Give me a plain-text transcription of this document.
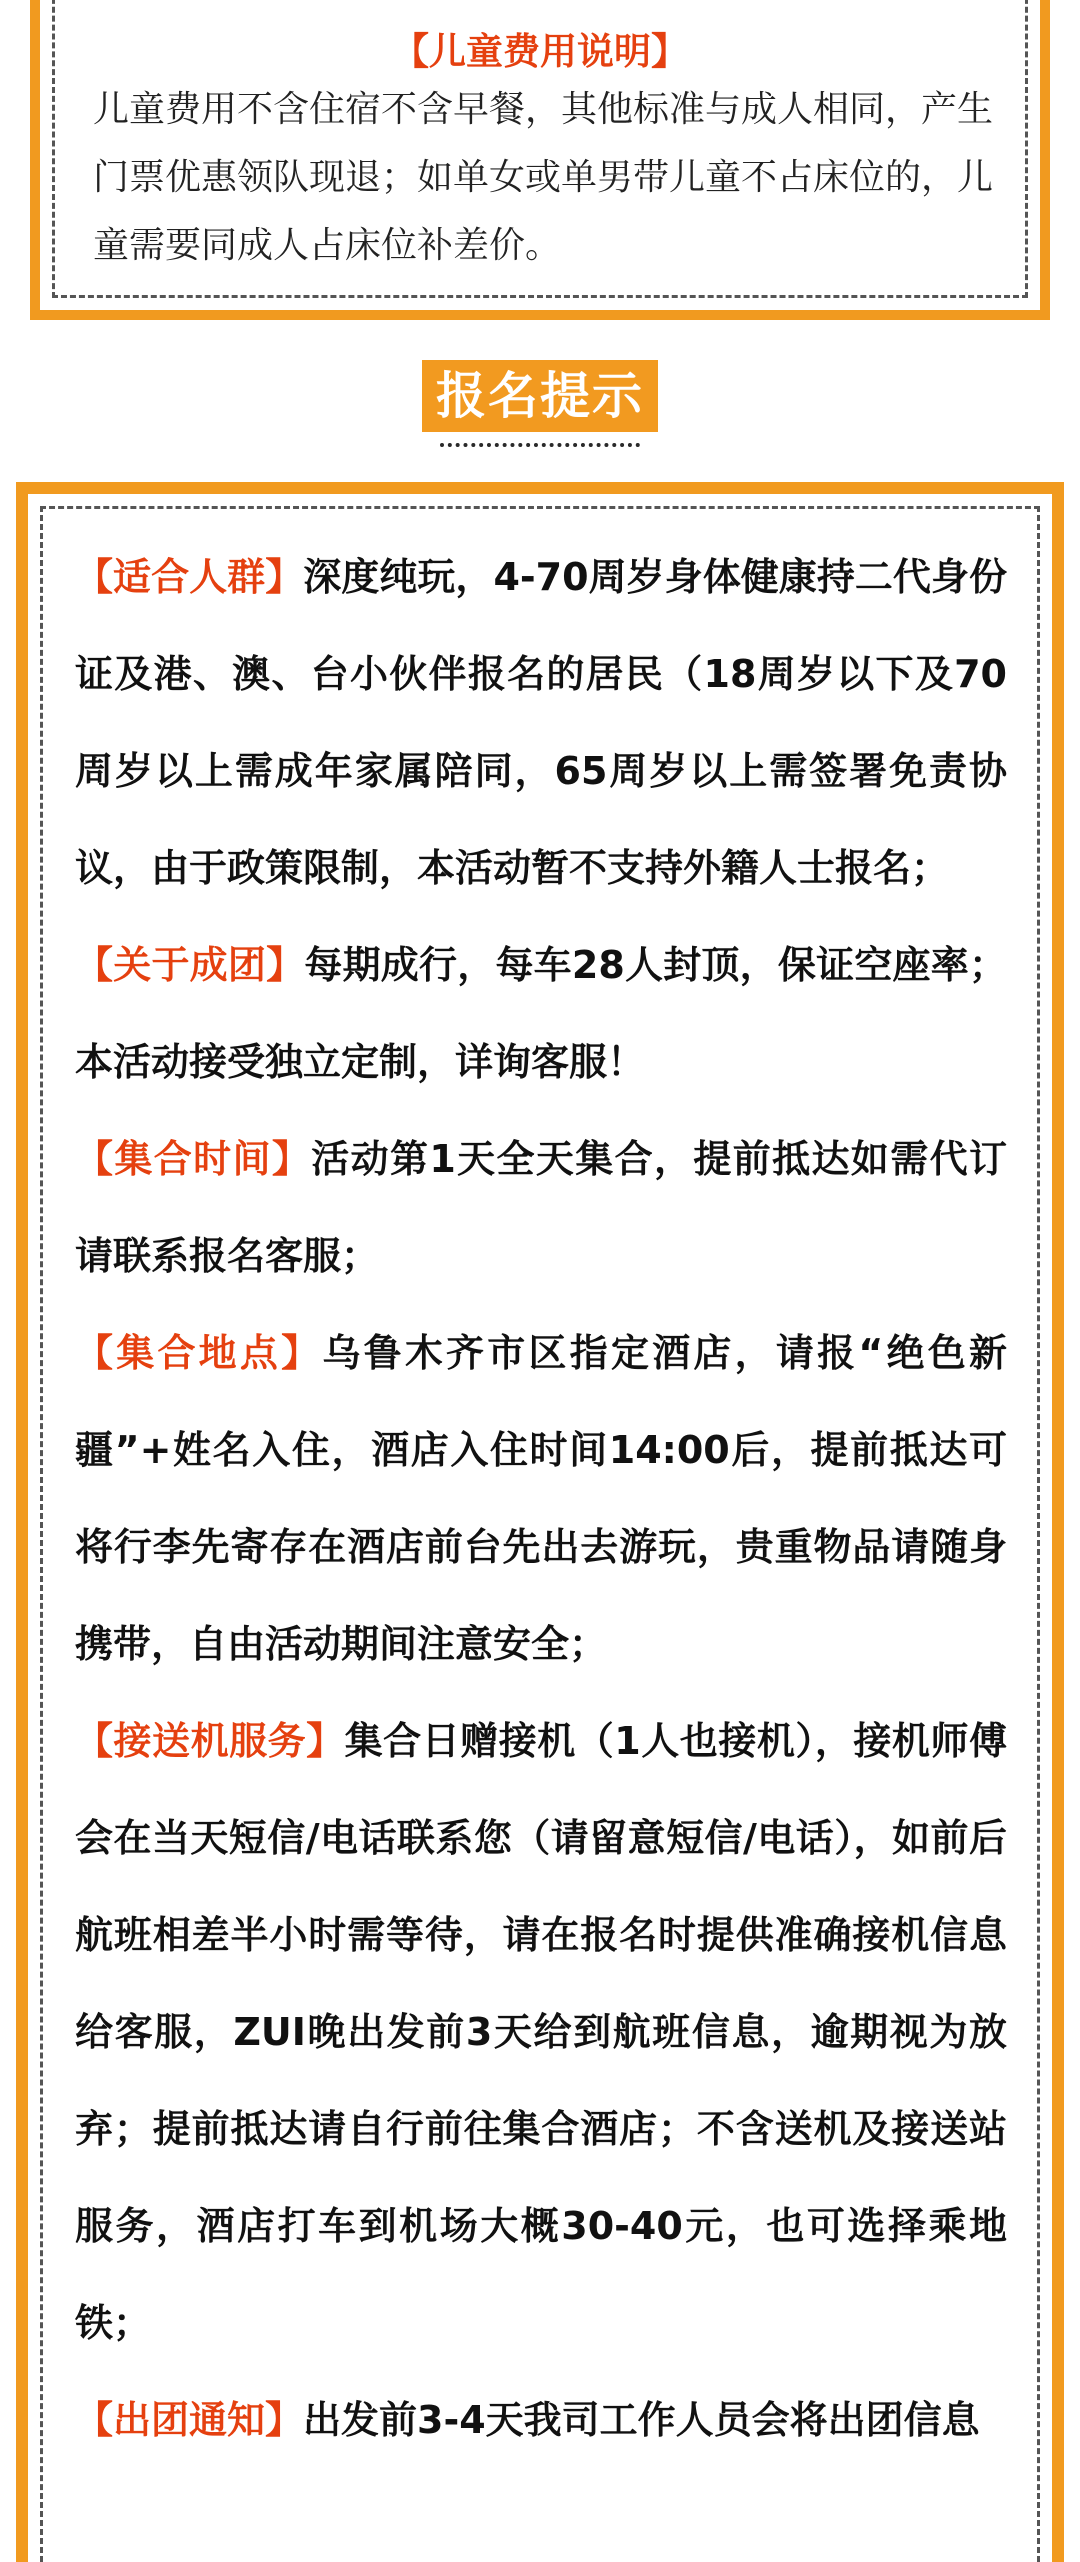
【儿童费用说明】
儿童费用不含住宿不含早餐，其他标准与成人相同，产生门票优惠领队现退；如单女或单男带儿童不占床位的，儿童需要同成人占床位补差价。
报名提示

【适合人群】深度纯玩，4-70周岁身体健康持二代身份证及港、澳、台小伙伴报名的居民（18周岁以下及70周岁以上需成年家属陪同，65周岁以上需签署免责协议，由于政策限制，本活动暂不支持外籍人士报名；

【关于成团】每期成行，每车28人封顶，保证空座率；本活动接受独立定制，详询客服！

【集合时间】活动第1天全天集合，提前抵达如需代订请联系报名客服；

【集合地点】乌鲁木齐市区指定酒店，请报“绝色新疆”+姓名入住，酒店入住时间14:00后，提前抵达可将行李先寄存在酒店前台先出去游玩，贵重物品请随身携带，自由活动期间注意安全；

【接送机服务】集合日赠接机（1人也接机），接机师傅会在当天短信/电话联系您（请留意短信/电话），如前后航班相差半小时需等待，请在报名时提供准确接机信息给客服，ZUI晚出发前3天给到航班信息，逾期视为放弃；提前抵达请自行前往集合酒店；不含送机及接送站服务，酒店打车到机场大概30-40元，也可选择乘地铁；

【出团通知】出发前3-4天我司工作人员会将出团信息
